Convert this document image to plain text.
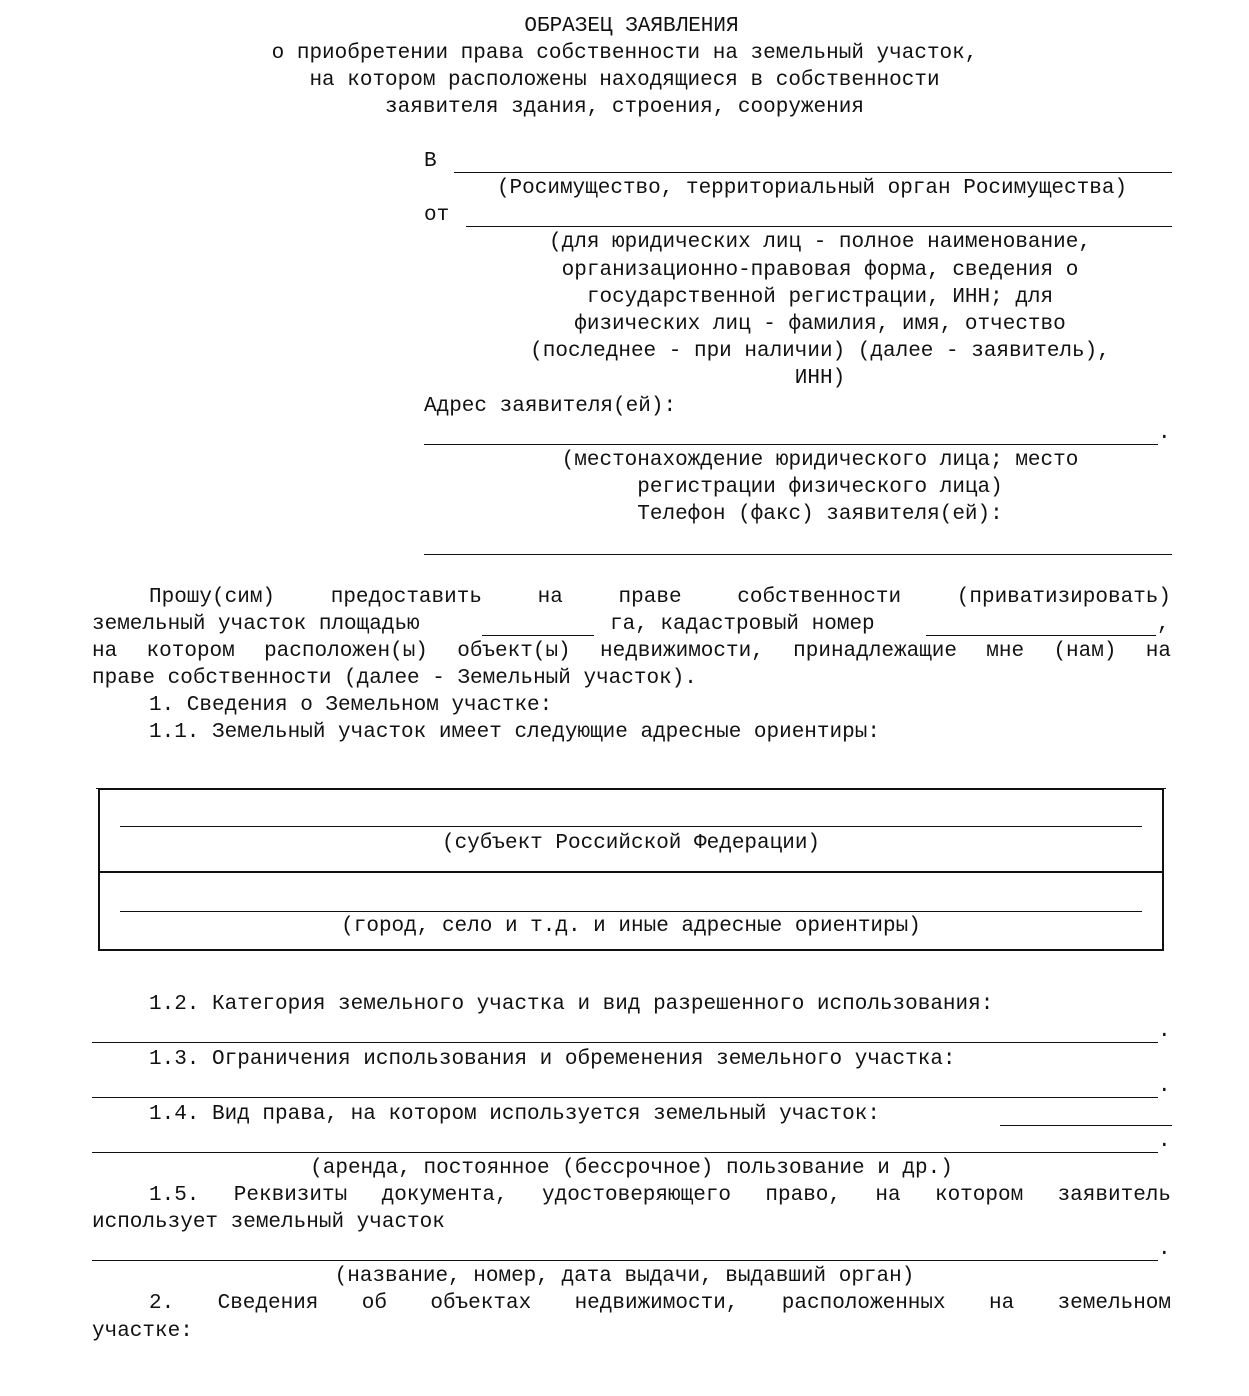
ОБРАЗЕЦ ЗАЯВЛЕНИЯ
о приобретении права собственности на земельный участок,
на котором расположены находящиеся в собственности
заявителя здания, строения, сооружения
В
(Росимущество, территориальный орган Росимущества)
от
(для юридических лиц - полное наименование,
организационно-правовая форма, сведения о
государственной регистрации, ИНН; для
физических лиц - фамилия, имя, отчество
(последнее - при наличии) (далее - заявитель),
ИНН)
Адрес заявителя(ей):
.
(местонахождение юридического лица; место
регистрации физического лица)
Телефон (факс) заявителя(ей):
Прошу(сим) предоставить на праве собственности (приватизировать)
земельный участок площадью	га, кадастровый номер	,
на котором расположен(ы) объект(ы) недвижимости, принадлежащие мне (нам) на
праве собственности (далее - Земельный участок).
1. Сведения о Земельном участке:
1.1. Земельный участок имеет следующие адресные ориентиры:
(субъект Российской Федерации)
(город, село и т.д. и иные адресные ориентиры)
1.2. Категория земельного участка и вид разрешенного использования:
.
1.3. Ограничения использования и обременения земельного участка:
.
1.4. Вид права, на котором используется земельный участок:
.
(аренда, постоянное (бессрочное) пользование и др.)
1.5. Реквизиты документа, удостоверяющего право, на котором заявитель
использует земельный участок
.
(название, номер, дата выдачи, выдавший орган)
2. Сведения об объектах недвижимости, расположенных на земельном
участке:
